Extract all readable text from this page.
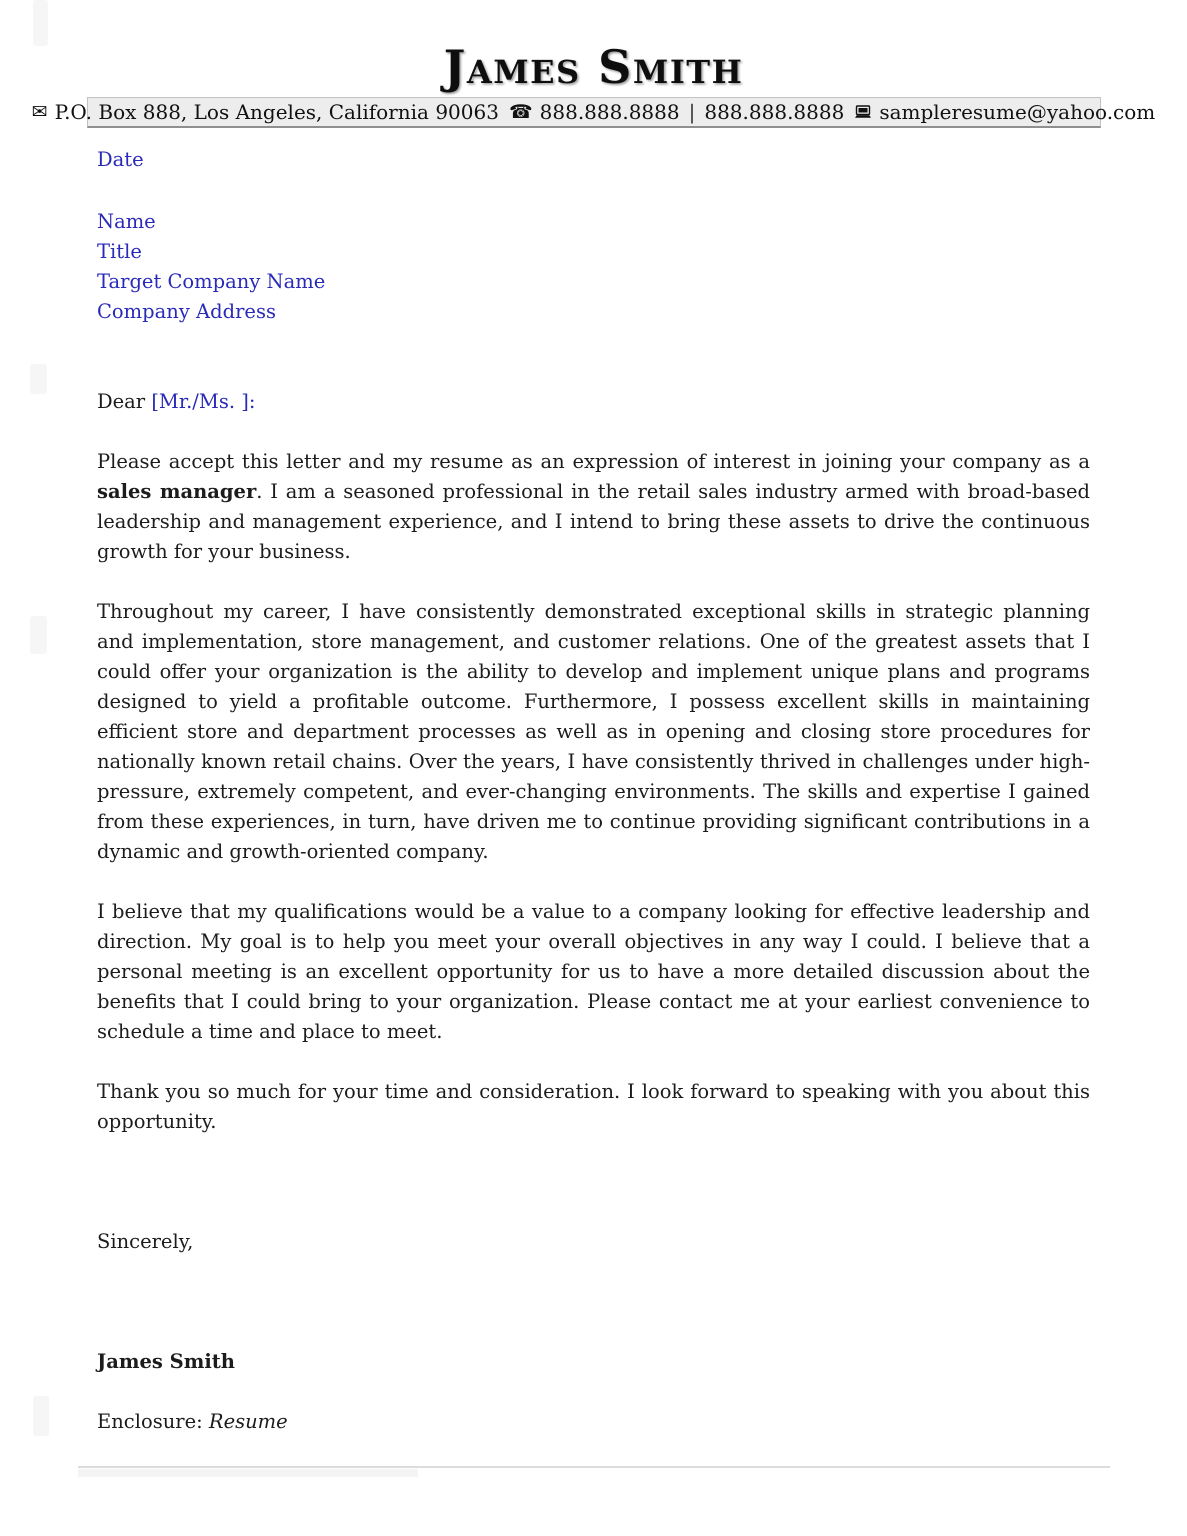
James Smith
✉ P.O. Box 888, Los Angeles, California 90063 ☎ 888.888.8888 | 888.888.8888 sampleresume@yahoo.com
Date
Name
Title
Target Company Name
Company Address
Dear [Mr./Ms. ]:
Please accept this letter and my resume as an expression of interest in joining your company as a sales manager. I am a seasoned professional in the retail sales industry armed with broad-based leadership and management experience, and I intend to bring these assets to drive the continuous growth for your business.
Throughout my career, I have consistently demonstrated exceptional skills in strategic planning and implementation, store management, and customer relations. One of the greatest assets that I could offer your organization is the ability to develop and implement unique plans and programs designed to yield a profitable outcome. Furthermore, I possess excellent skills in maintaining efficient store and department processes as well as in opening and closing store procedures for nationally known retail chains. Over the years, I have consistently thrived in challenges under high-pressure, extremely competent, and ever-changing environments. The skills and expertise I gained from these experiences, in turn, have driven me to continue providing significant contributions in a dynamic and growth-oriented company.
I believe that my qualifications would be a value to a company looking for effective leadership and direction. My goal is to help you meet your overall objectives in any way I could. I believe that a personal meeting is an excellent opportunity for us to have a more detailed discussion about the benefits that I could bring to your organization. Please contact me at your earliest convenience to schedule a time and place to meet.
Thank you so much for your time and consideration. I look forward to speaking with you about this opportunity.
Sincerely,
James Smith
Enclosure: Resume
